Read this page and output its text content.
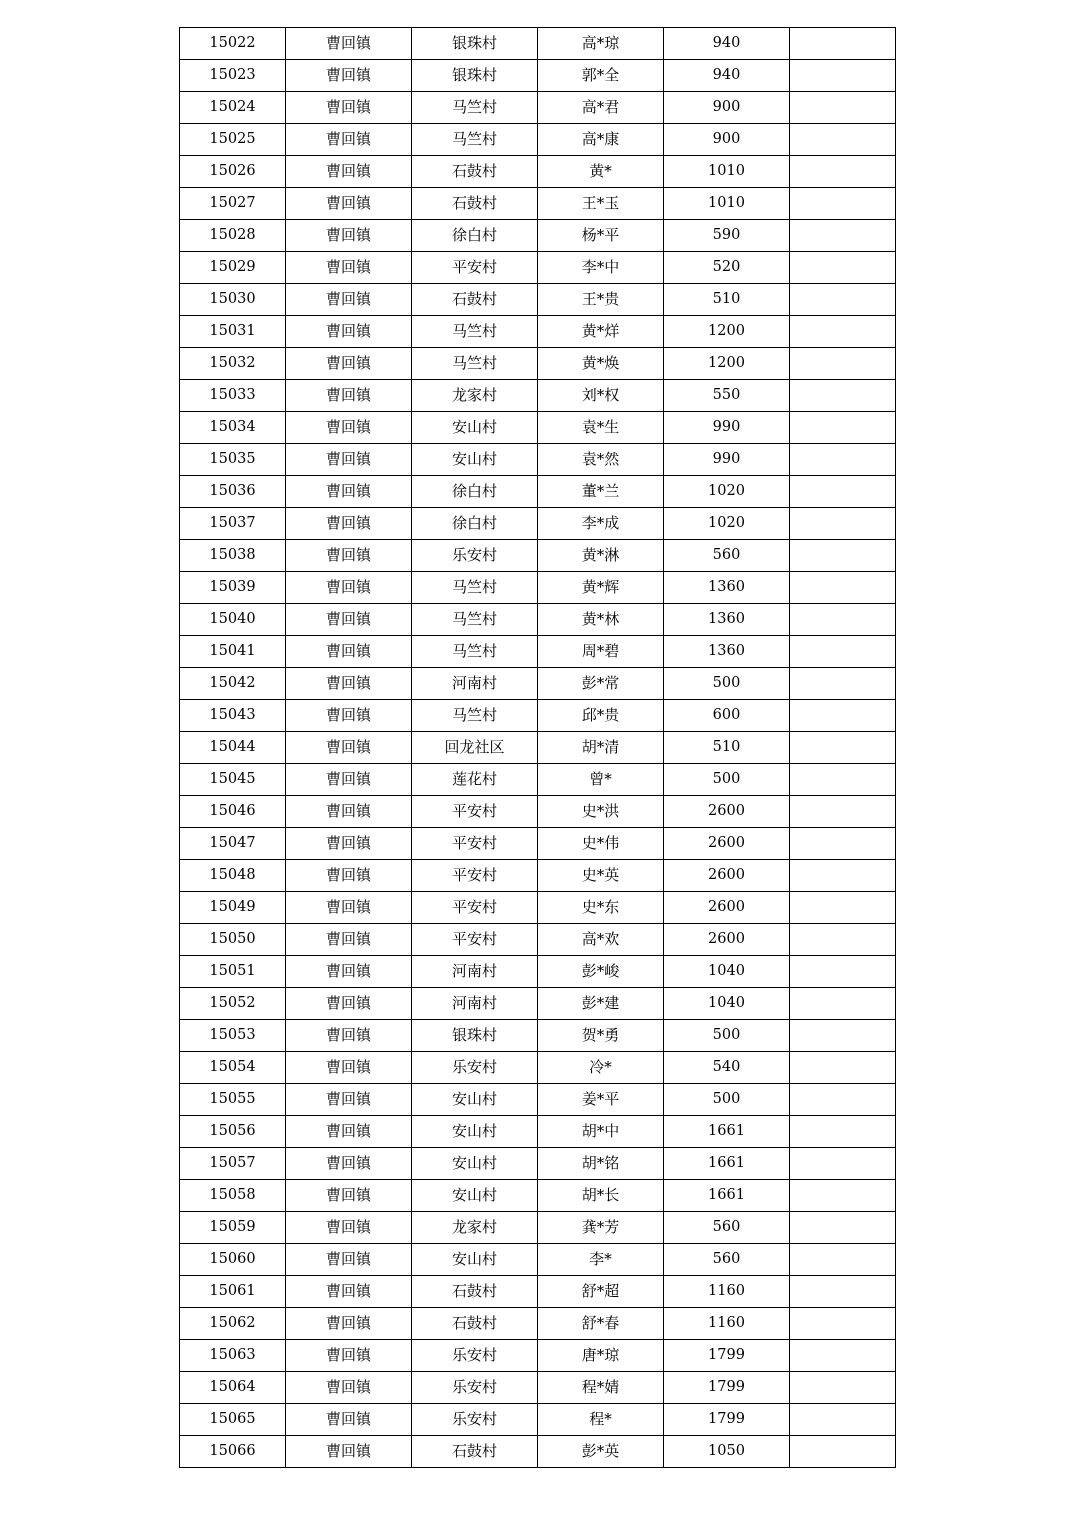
15022	曹回镇	银珠村	高*琼	940	
15023	曹回镇	银珠村	郭*全	940	
15024	曹回镇	马竺村	高*君	900	
15025	曹回镇	马竺村	高*康	900	
15026	曹回镇	石鼓村	黄*	1010	
15027	曹回镇	石鼓村	王*玉	1010	
15028	曹回镇	徐白村	杨*平	590	
15029	曹回镇	平安村	李*中	520	
15030	曹回镇	石鼓村	王*贵	510	
15031	曹回镇	马竺村	黄*烊	1200	
15032	曹回镇	马竺村	黄*焕	1200	
15033	曹回镇	龙家村	刘*权	550	
15034	曹回镇	安山村	袁*生	990	
15035	曹回镇	安山村	袁*然	990	
15036	曹回镇	徐白村	董*兰	1020	
15037	曹回镇	徐白村	李*成	1020	
15038	曹回镇	乐安村	黄*淋	560	
15039	曹回镇	马竺村	黄*辉	1360	
15040	曹回镇	马竺村	黄*林	1360	
15041	曹回镇	马竺村	周*碧	1360	
15042	曹回镇	河南村	彭*常	500	
15043	曹回镇	马竺村	邱*贵	600	
15044	曹回镇	回龙社区	胡*清	510	
15045	曹回镇	莲花村	曾*	500	
15046	曹回镇	平安村	史*洪	2600	
15047	曹回镇	平安村	史*伟	2600	
15048	曹回镇	平安村	史*英	2600	
15049	曹回镇	平安村	史*东	2600	
15050	曹回镇	平安村	高*欢	2600	
15051	曹回镇	河南村	彭*峻	1040	
15052	曹回镇	河南村	彭*建	1040	
15053	曹回镇	银珠村	贺*勇	500	
15054	曹回镇	乐安村	冷*	540	
15055	曹回镇	安山村	姜*平	500	
15056	曹回镇	安山村	胡*中	1661	
15057	曹回镇	安山村	胡*铭	1661	
15058	曹回镇	安山村	胡*长	1661	
15059	曹回镇	龙家村	龚*芳	560	
15060	曹回镇	安山村	李*	560	
15061	曹回镇	石鼓村	舒*超	1160	
15062	曹回镇	石鼓村	舒*春	1160	
15063	曹回镇	乐安村	唐*琼	1799	
15064	曹回镇	乐安村	程*婧	1799	
15065	曹回镇	乐安村	程*	1799	
15066	曹回镇	石鼓村	彭*英	1050	
